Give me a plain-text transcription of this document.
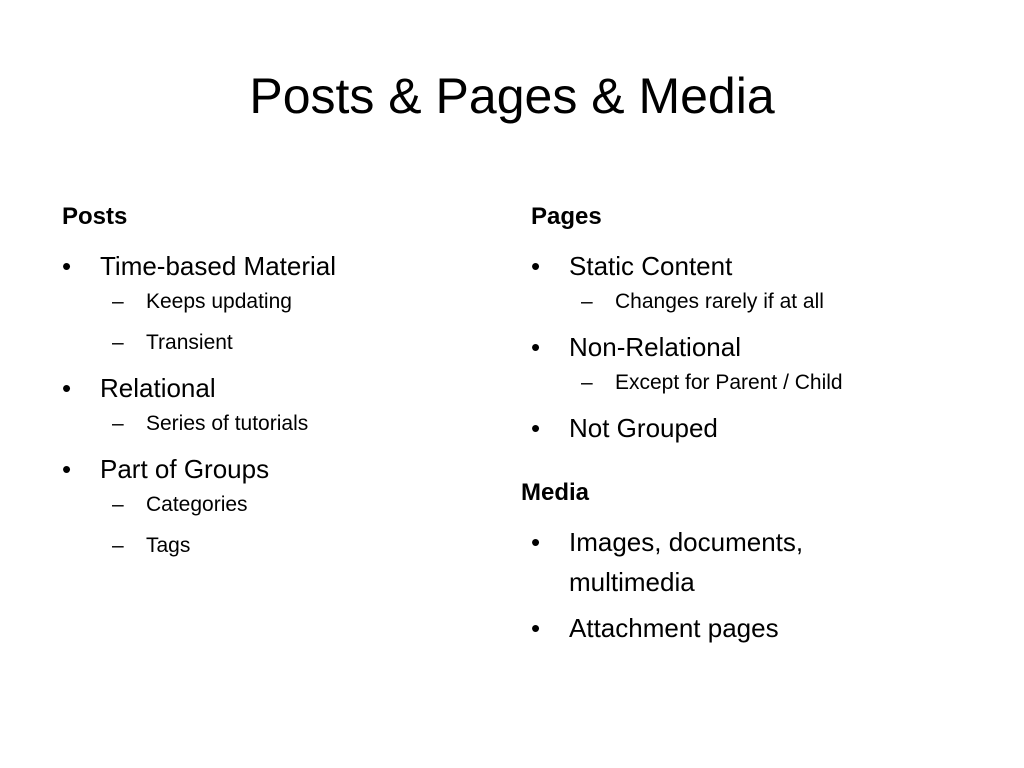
Posts & Pages & Media
Posts
•	Time-based Material
– Keeps updating
– Transient
•	Relational
– Series of tutorials
•	Part of Groups
– Categories
– Tags
Pages
•	Static Content
– Changes rarely if at all
•	Non-Relational
– Except for Parent / Child
•	Not Grouped
Media
•	Images, documents, multimedia
•	Attachment pages
